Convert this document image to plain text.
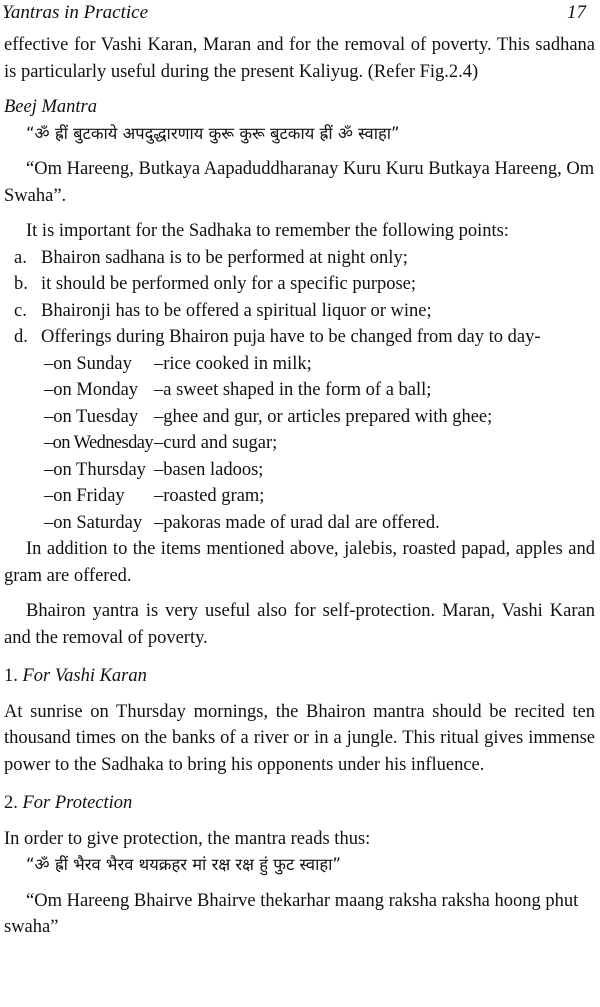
Yantras in Practice	17

effective for Vashi Karan, Maran and for the removal of poverty. This sadhana is particularly useful during the present Kaliyug. (Refer Fig.2.4)

Beej Mantra

“ॐ ह्रीं बुटकाये अपदुद्धारणाय कुरू कुरू बुटकाय ह्रीं ॐ स्वाहा”

“Om Hareeng, Butkaya Aapaduddharanay Kuru Kuru Butkaya Hareeng, Om Swaha”.

It is important for the Sadhaka to remember the following points:

a. Bhairon sadhana is to be performed at night only;
b. it should be performed only for a specific purpose;
c. Bhaironji has to be offered a spiritual liquor or wine;
d. Offerings during Bhairon puja have to be changed from day to day-
–on Sunday	–rice cooked in milk;
–on Monday –a sweet shaped in the form of a ball;
–on Tuesday –ghee and gur, or articles prepared with ghee;
–on Wednesday –curd and sugar;
–on Thursday –basen ladoos;
–on Friday	–roasted gram;
–on Saturday –pakoras made of urad dal are offered.

In addition to the items mentioned above, jalebis, roasted papad, apples and gram are offered.

Bhairon yantra is very useful also for self-protection. Maran, Vashi Karan and the removal of poverty.

1. For Vashi Karan

At sunrise on Thursday mornings, the Bhairon mantra should be recited ten thousand times on the banks of a river or in a jungle. This ritual gives immense power to the Sadhaka to bring his opponents under his influence.

2. For Protection

In order to give protection, the mantra reads thus:

“ॐ ह्रीं भैरव भैरव थयक्रहर मां रक्ष रक्ष हुं फुट स्वाहा”

“Om Hareeng Bhairve Bhairve thekarhar maang raksha raksha hoong phut swaha”
